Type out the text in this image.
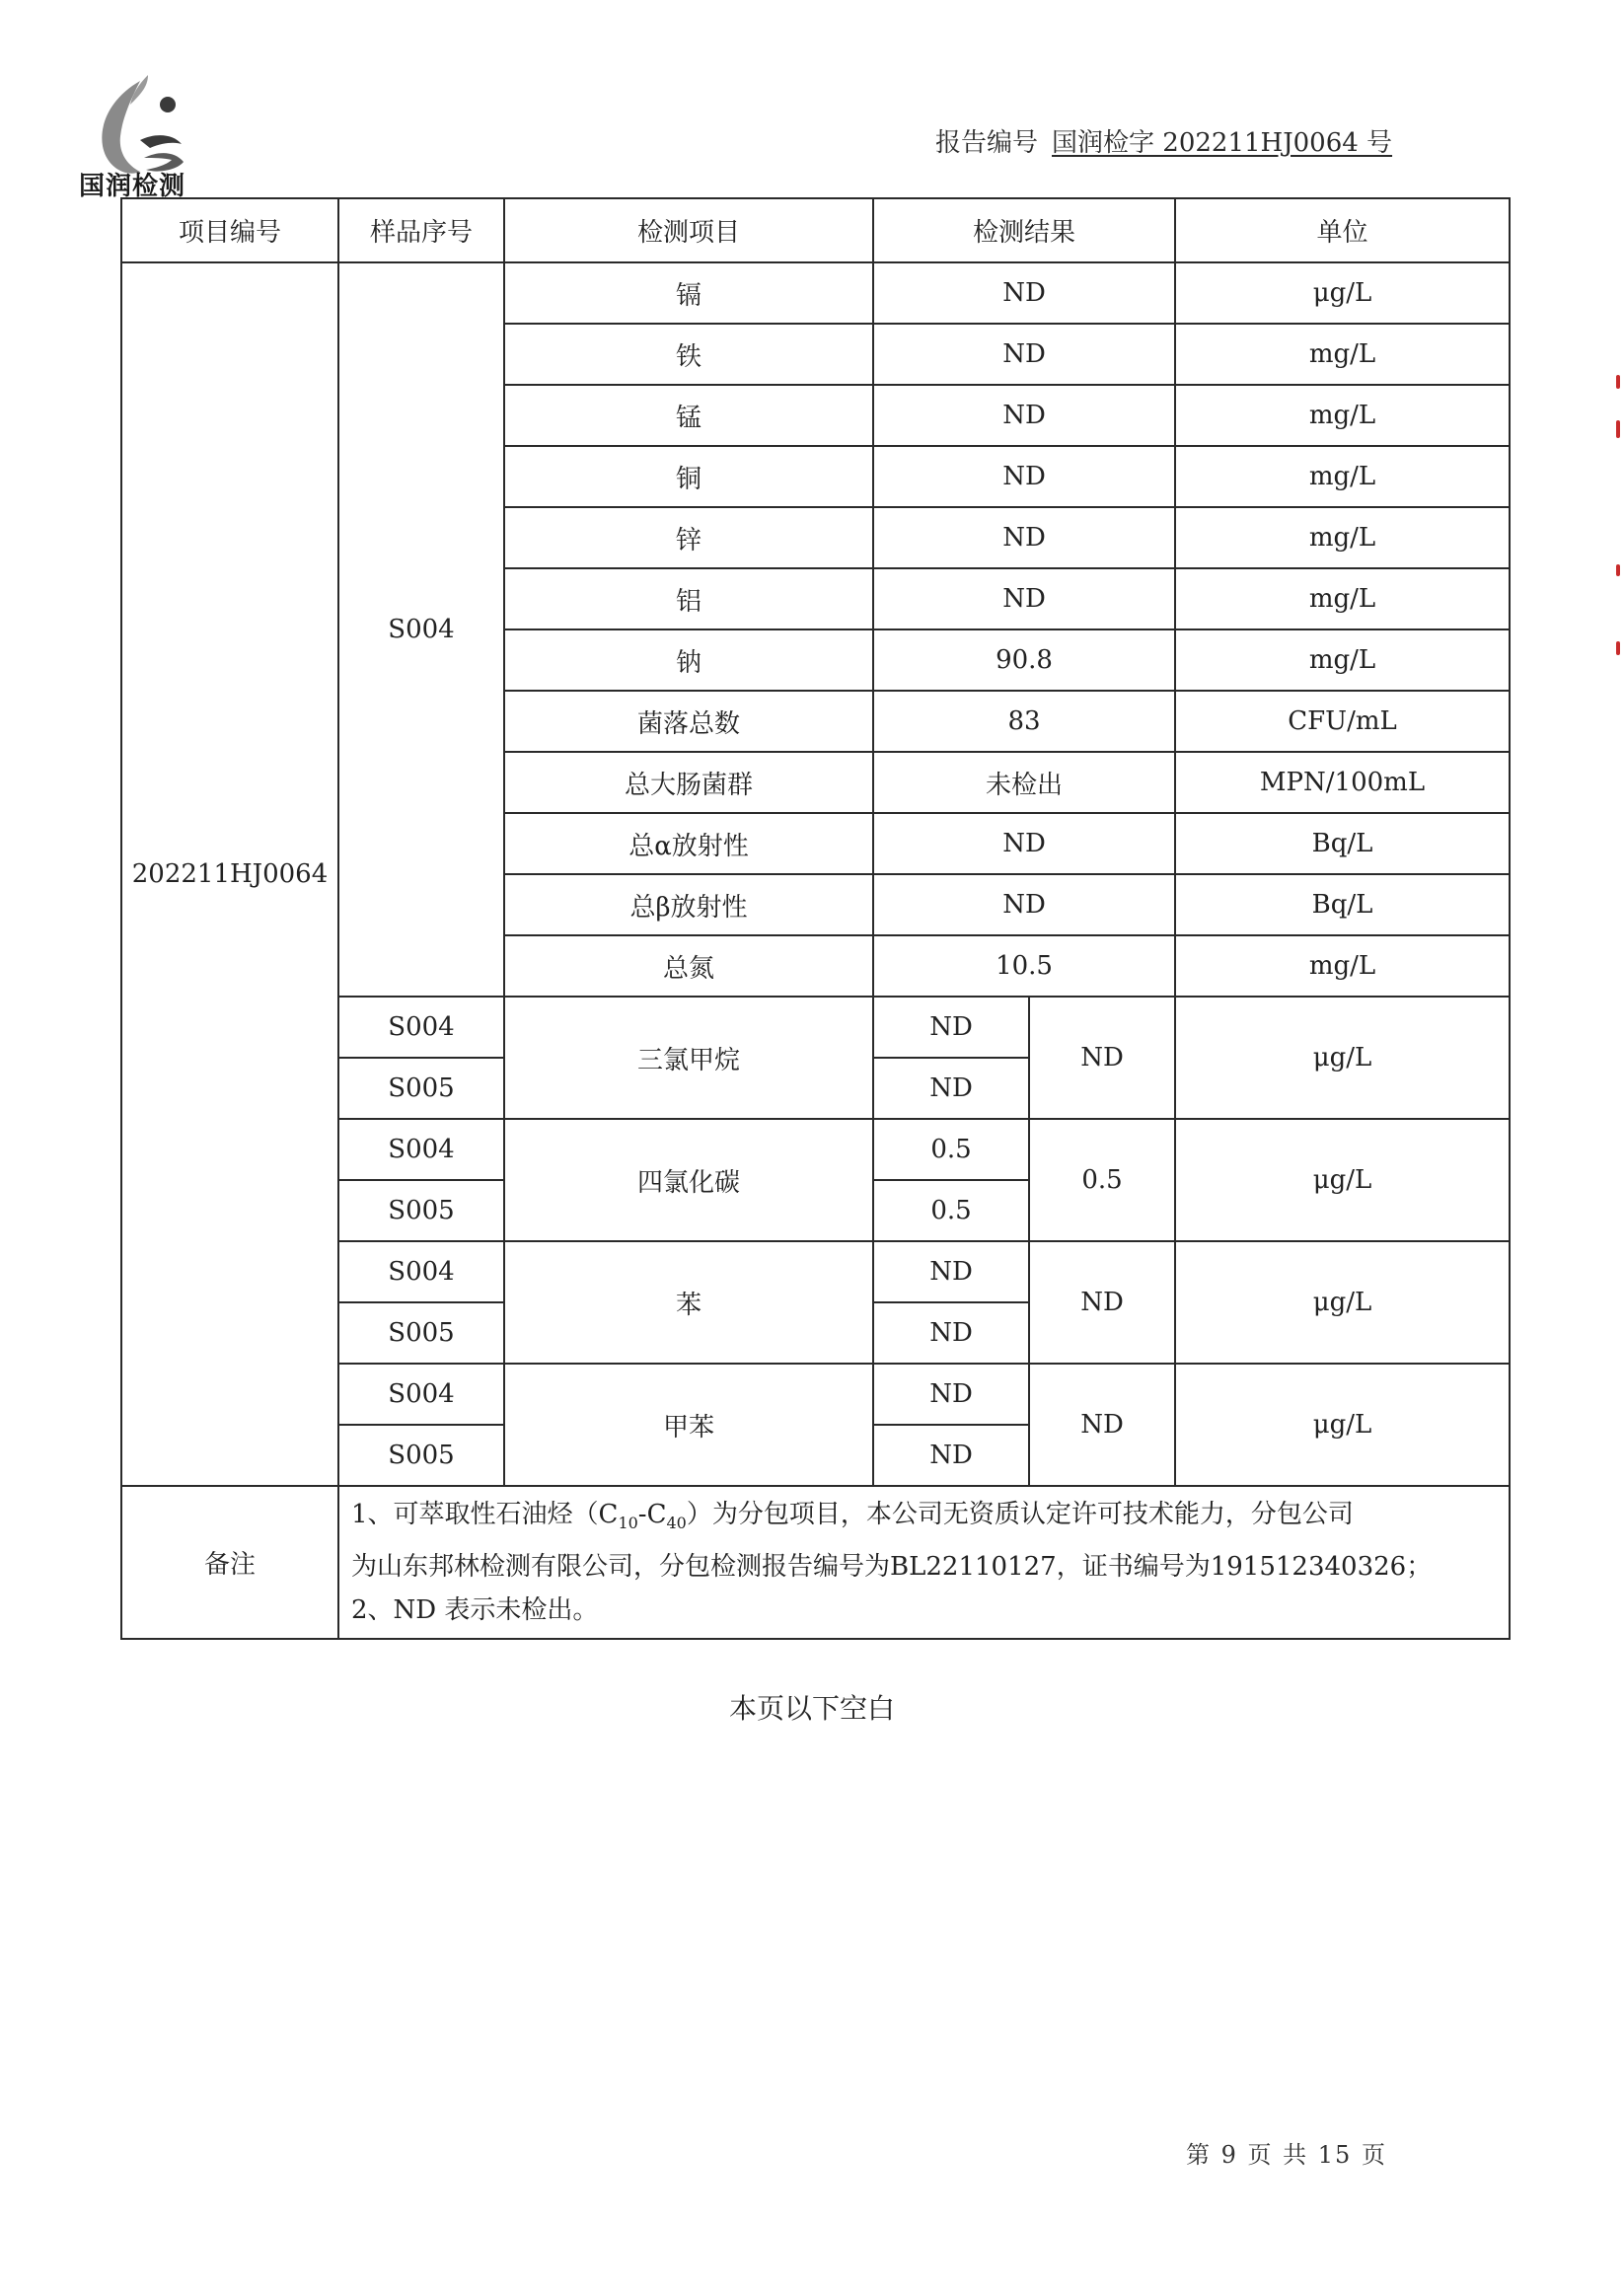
国润检测
报告编号 国润检字 202211HJ0064 号
项目编号	样品序号	检测项目	检测结果		单位
202211HJ0064	S004	镉	ND		μg/L
		铁	ND		mg/L
		锰	ND		mg/L
		铜	ND		mg/L
		锌	ND		mg/L
		铝	ND		mg/L
		钠	90.8		mg/L
		菌落总数	83		CFU/mL
		总大肠菌群	未检出		MPN/100mL
		总α放射性	ND		Bq/L
		总β放射性	ND		Bq/L
		总氮	10.5		mg/L
	S004	三氯甲烷	ND	ND	μg/L
	S005		ND		
	S004	四氯化碳	0.5	0.5	μg/L
	S005		0.5		
	S004	苯	ND	ND	μg/L
	S005		ND		
	S004	甲苯	ND	ND	μg/L
	S005		ND		
备注	1、可萃取性石油烃$(C_{10}-C_{40})$为分包项目，本公司无资质认定许可技术能力，分包公司
为山东邦林检测有限公司，分包检测报告编号为BL22110127，证书编号为191512340326；
2、ND 表示未检出。				
本页以下空白
第 9 页 共 15 页
